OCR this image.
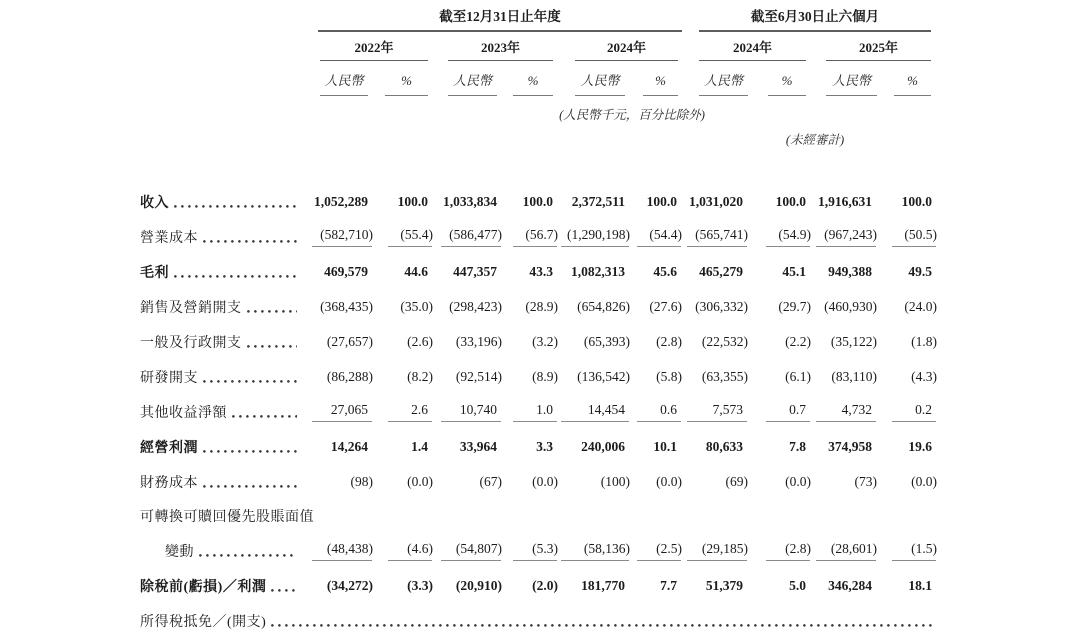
截至12月31日止年度	截至6月30日止六個月
2022年	2023年	2024年	2024年	2025年
人民幣	%	人民幣	%	人民幣	%	人民幣	%	人民幣	%
(人民幣千元，百分比除外)
(未經審計)
收入	1,052,289	100.0	1,033,834	100.0	2,372,511	100.0	1,031,020	100.0	1,916,631	100.0

營業成本	(582,710)	(55.4)	(586,477)	(56.7)	(1,290,198)	(54.4)	(565,741)	(54.9)	(967,243)	(50.5)

毛利	469,579	44.6	447,357	43.3	1,082,313	45.6	465,279	45.1	949,388	49.5

銷售及營銷開支	(368,435)	(35.0)	(298,423)	(28.9)	(654,826)	(27.6)	(306,332)	(29.7)	(460,930)	(24.0)

一般及行政開支	(27,657)	(2.6)	(33,196)	(3.2)	(65,393)	(2.8)	(22,532)	(2.2)	(35,122)	(1.8)

研發開支	(86,288)	(8.2)	(92,514)	(8.9)	(136,542)	(5.8)	(63,355)	(6.1)	(83,110)	(4.3)

其他收益淨額	27,065	2.6	10,740	1.0	14,454	0.6	7,573	0.7	4,732	0.2

經營利潤	14,264	1.4	33,964	3.3	240,006	10.1	80,633	7.8	374,958	19.6

財務成本	(98)	(0.0)	(67)	(0.0)	(100)	(0.0)	(69)	(0.0)	(73)	(0.0)

可轉換可贖回優先股賬面值										

變動	(48,438)	(4.6)	(54,807)	(5.3)	(58,136)	(2.5)	(29,185)	(2.8)	(28,601)	(1.5)

除稅前(虧損)／利潤	(34,272)	(3.3)	(20,910)	(2.0)	181,770	7.7	51,379	5.0	346,284	18.1

所得稅抵免／(開支)										
